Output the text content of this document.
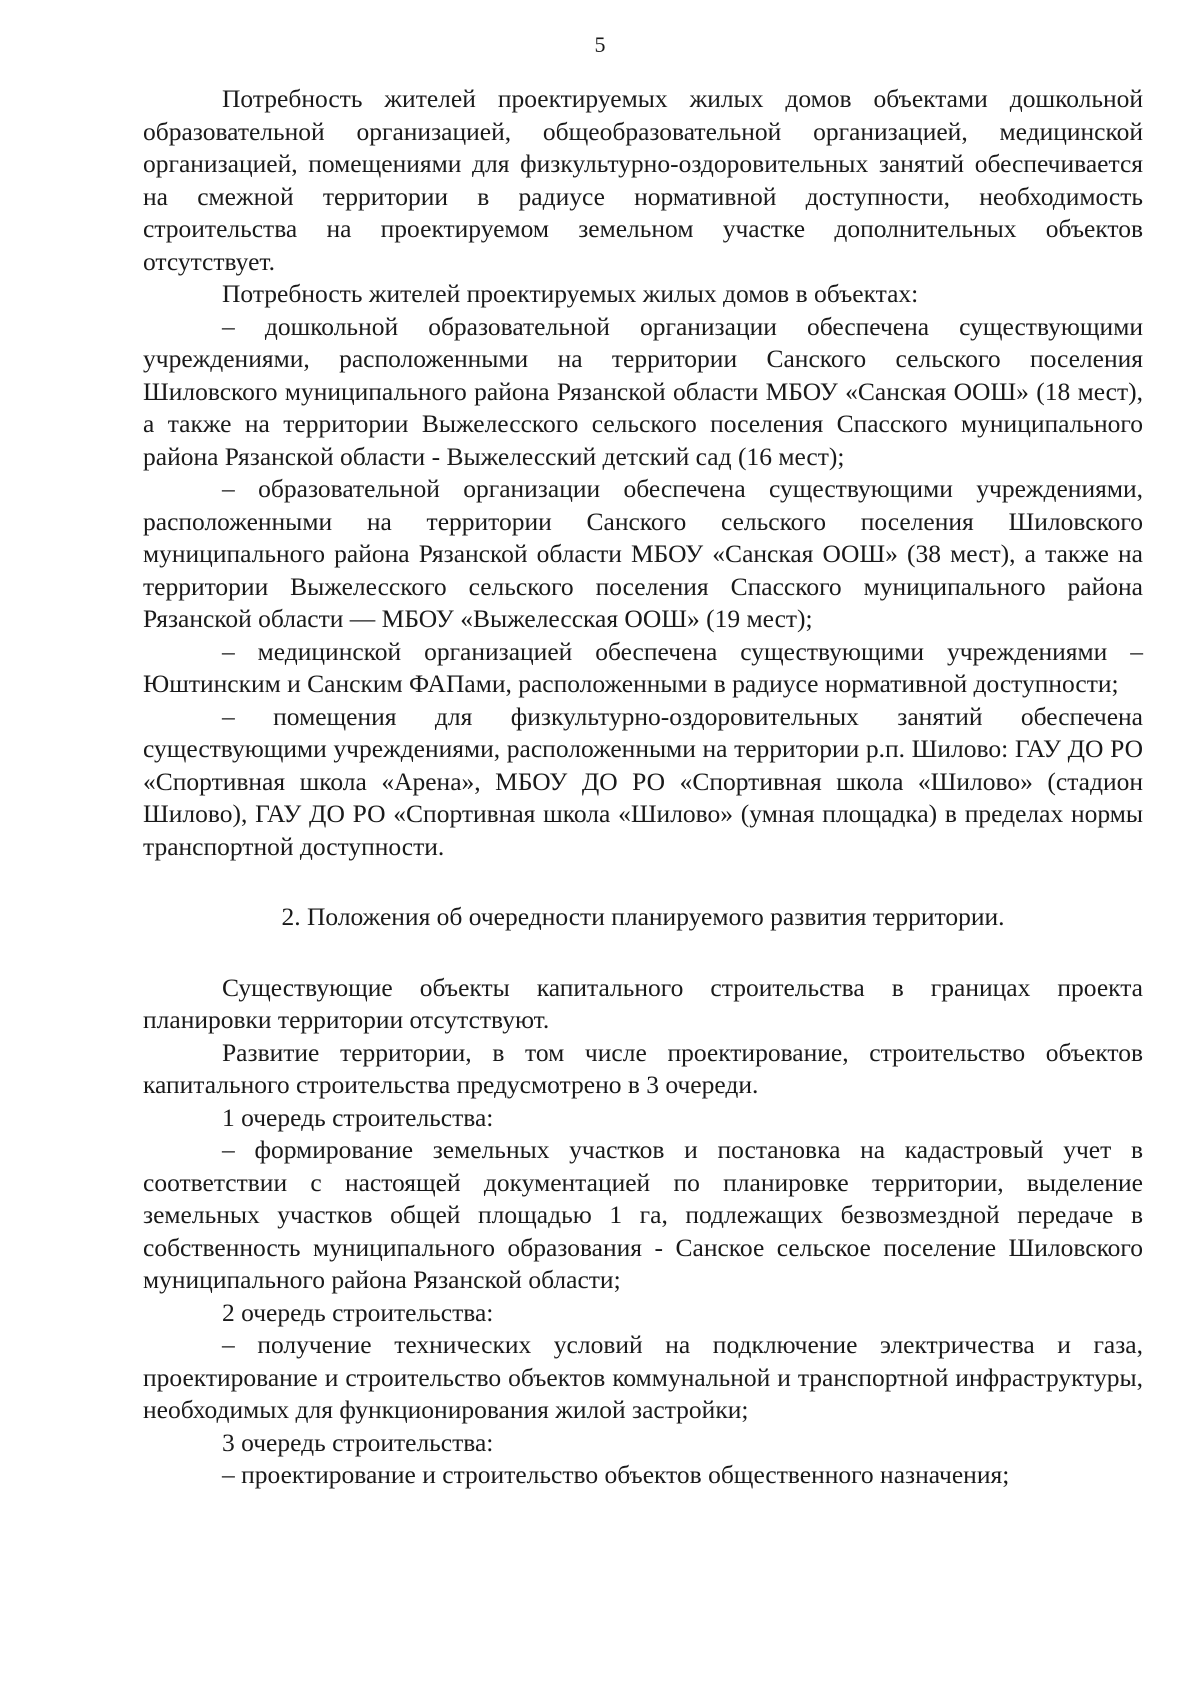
5

Потребность жителей проектируемых жилых домов объектами дошкольной образовательной организацией, общеобразовательной организацией, медицинской организацией, помещениями для физкультурно-оздоровительных занятий обеспечивается на смежной территории в радиусе нормативной доступности, необходимость строительства на проектируемом земельном участке дополнительных объектов отсутствует.

Потребность жителей проектируемых жилых домов в объектах:

– дошкольной образовательной организации обеспечена существующими учреждениями, расположенными на территории Санского сельского поселения Шиловского муниципального района Рязанской области МБОУ «Санская ООШ» (18 мест), а также на территории Выжелесского сельского поселения Спасского муниципального района Рязанской области - Выжелесский детский сад (16 мест);

– образовательной организации обеспечена существующими учреждениями, расположенными на территории Санского сельского поселения Шиловского муниципального района Рязанской области МБОУ «Санская ООШ» (38 мест), а также на территории Выжелесского сельского поселения Спасского муниципального района Рязанской области — МБОУ «Выжелесская ООШ» (19 мест);

– медицинской организацией обеспечена существующими учреждениями – Юштинским и Санским ФАПами, расположенными в радиусе нормативной доступности;

– помещения для физкультурно-оздоровительных занятий обеспечена существующими учреждениями, расположенными на территории р.п. Шилово: ГАУ ДО РО «Спортивная школа «Арена», МБОУ ДО РО «Спортивная школа «Шилово» (стадион Шилово), ГАУ ДО РО «Спортивная школа «Шилово» (умная площадка) в пределах нормы транспортной доступности.

2. Положения об очередности планируемого развития территории.

Существующие объекты капитального строительства в границах проекта планировки территории отсутствуют.

Развитие территории, в том числе проектирование, строительство объектов капитального строительства предусмотрено в 3 очереди.

1 очередь строительства:

– формирование земельных участков и постановка на кадастровый учет в соответствии с настоящей документацией по планировке территории, выделение земельных участков общей площадью 1 га, подлежащих безвозмездной передаче в собственность муниципального образования - Санское сельское поселение Шиловского муниципального района Рязанской области;

2 очередь строительства:

– получение технических условий на подключение электричества и газа, проектирование и строительство объектов коммунальной и транспортной инфраструктуры, необходимых для функционирования жилой застройки;

3 очередь строительства:

– проектирование и строительство объектов общественного назначения;
